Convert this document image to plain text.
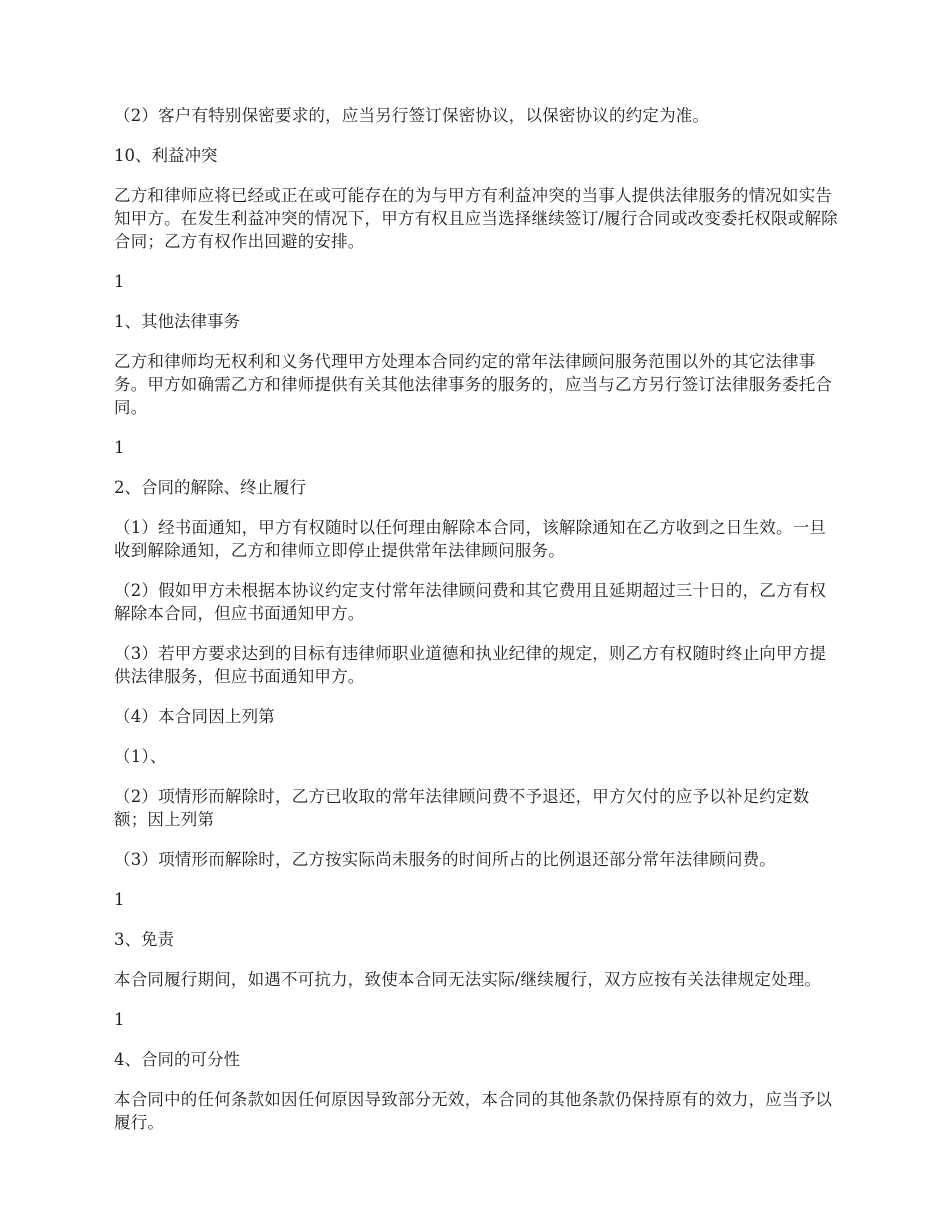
（2）客户有特别保密要求的，应当另行签订保密协议，以保密协议的约定为准。

10、利益冲突

乙方和律师应将已经或正在或可能存在的为与甲方有利益冲突的当事人提供法律服务的情况如实告知甲方。在发生利益冲突的情况下，甲方有权且应当选择继续签订/履行合同或改变委托权限或解除合同；乙方有权作出回避的安排。

1

1、其他法律事务

乙方和律师均无权利和义务代理甲方处理本合同约定的常年法律顾问服务范围以外的其它法律事务。甲方如确需乙方和律师提供有关其他法律事务的服务的，应当与乙方另行签订法律服务委托合同。

1

2、合同的解除、终止履行

（1）经书面通知，甲方有权随时以任何理由解除本合同，该解除通知在乙方收到之日生效。一旦收到解除通知，乙方和律师立即停止提供常年法律顾问服务。

（2）假如甲方未根据本协议约定支付常年法律顾问费和其它费用且延期超过三十日的，乙方有权解除本合同，但应书面通知甲方。

（3）若甲方要求达到的目标有违律师职业道德和执业纪律的规定，则乙方有权随时终止向甲方提供法律服务，但应书面通知甲方。

（4）本合同因上列第

（1）、

（2）项情形而解除时，乙方已收取的常年法律顾问费不予退还，甲方欠付的应予以补足约定数额；因上列第

（3）项情形而解除时，乙方按实际尚未服务的时间所占的比例退还部分常年法律顾问费。

1

3、免责

本合同履行期间，如遇不可抗力，致使本合同无法实际/继续履行，双方应按有关法律规定处理。

1

4、合同的可分性

本合同中的任何条款如因任何原因导致部分无效，本合同的其他条款仍保持原有的效力，应当予以履行。
